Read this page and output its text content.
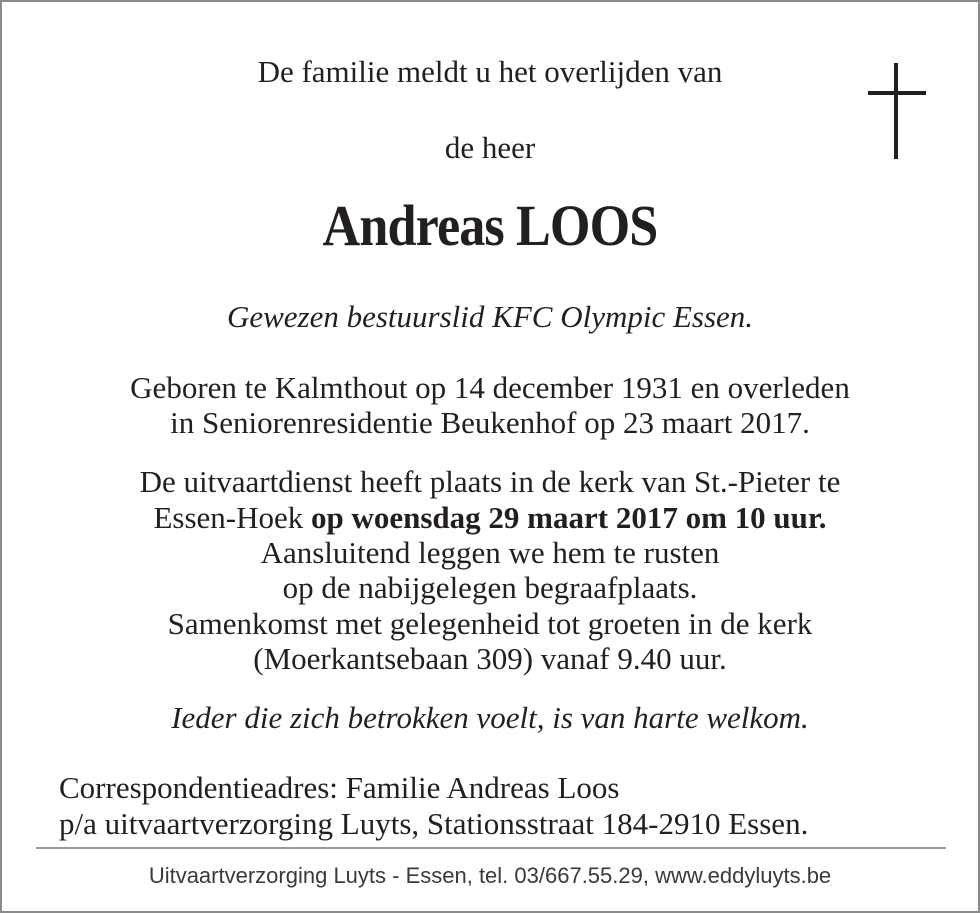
De familie meldt u het overlijden van
de heer
Andreas LOOS
Gewezen bestuurslid KFC Olympic Essen.
Geboren te Kalmthout op 14 december 1931 en overleden
in Seniorenresidentie Beukenhof op 23 maart 2017.
De uitvaartdienst heeft plaats in de kerk van St.-Pieter te
Essen-Hoek op woensdag 29 maart 2017 om 10 uur.
Aansluitend leggen we hem te rusten
op de nabijgelegen begraafplaats.
Samenkomst met gelegenheid tot groeten in de kerk
(Moerkantsebaan 309) vanaf 9.40 uur.
Ieder die zich betrokken voelt, is van harte welkom.
Correspondentieadres: Familie Andreas Loos
p/a uitvaartverzorging Luyts, Stationsstraat 184-2910 Essen.
Uitvaartverzorging Luyts - Essen, tel. 03/667.55.29, www.eddyluyts.be
